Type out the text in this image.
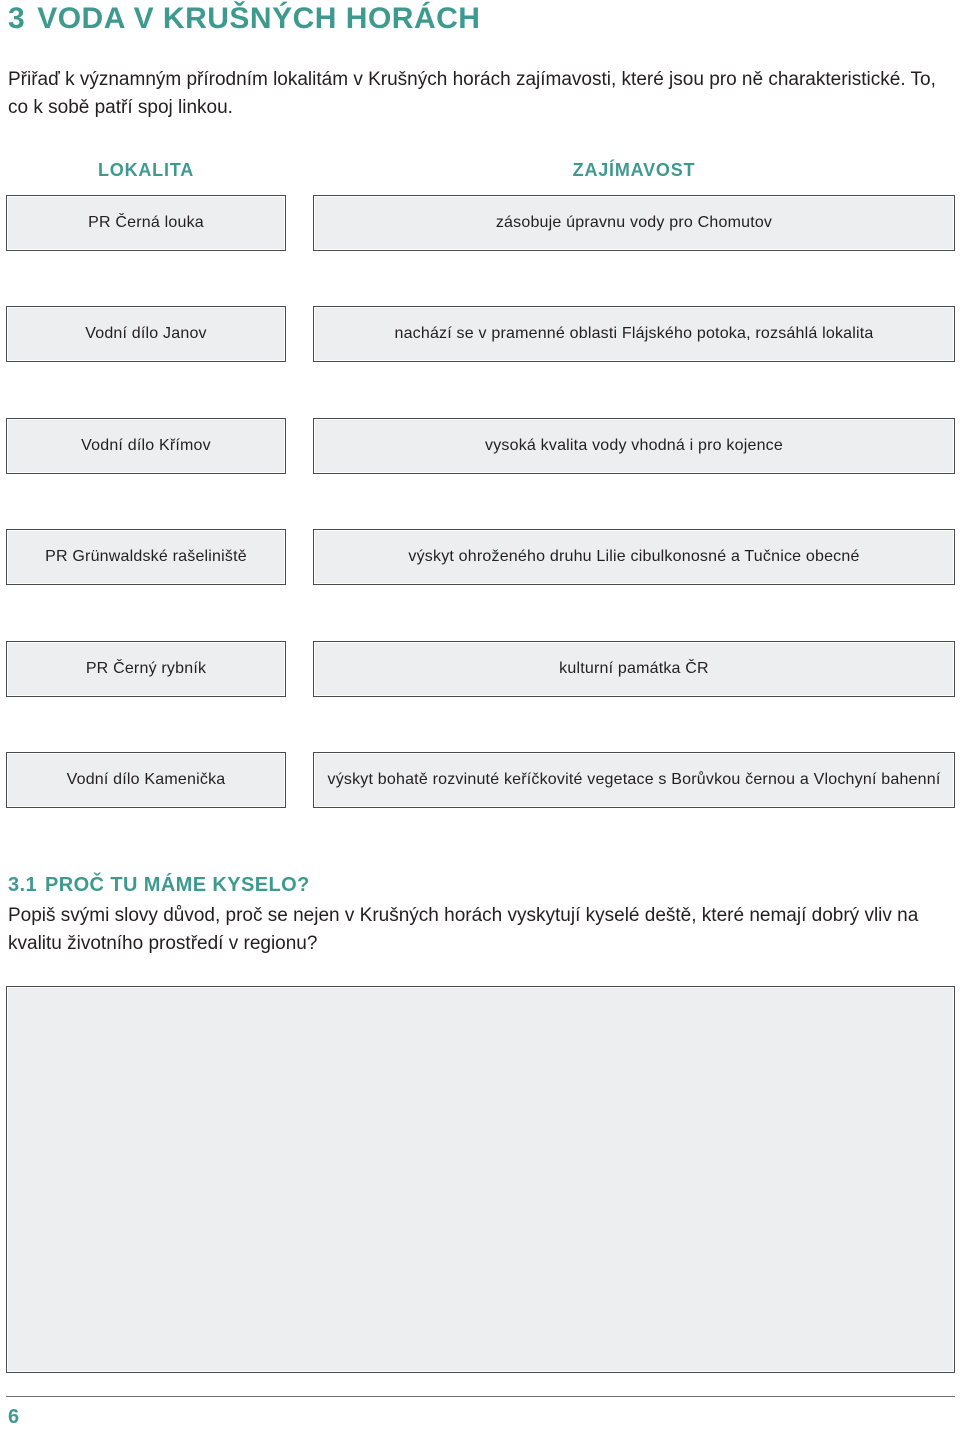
3 VODA V KRUŠNÝCH HORÁCH

Přiřaď k významným přírodním lokalitám v Krušných horách zajímavosti, které jsou pro ně charakteristické. To, co k sobě patří spoj linkou.

LOKALITA	ZAJÍMAVOST
PR Černá louka	zásobuje úpravnu vody pro Chomutov
Vodní dílo Janov	nachází se v pramenné oblasti Flájského potoka, rozsáhlá lokalita
Vodní dílo Křímov	vysoká kvalita vody vhodná i pro kojence
PR Grünwaldské rašeliniště	výskyt ohroženého druhu Lilie cibulkonosné a Tučnice obecné
PR Černý rybník	kulturní památka ČR
Vodní dílo Kamenička	výskyt bohatě rozvinuté keříčkovité vegetace s Borůvkou černou a Vlochyní bahenní
3.1 PROČ TU MÁME KYSELO?

Popiš svými slovy důvod, proč se nejen v Krušných horách vyskytují kyselé deště, které nemají dobrý vliv na kvalitu životního prostředí v regionu?

6
